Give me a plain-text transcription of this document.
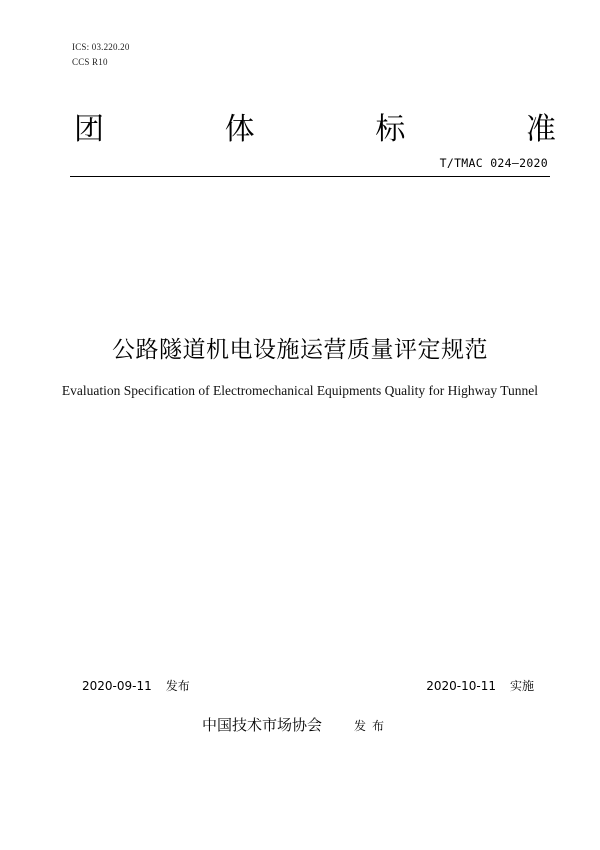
ICS: 03.220.20
CCS R10
团	体	标	准
T/TMAC 024—2020
公路隧道机电设施运营质量评定规范
Evaluation Specification of Electromechanical Equipments Quality for Highway Tunnel
2020-09-11 发布	2020-10-11 实施
中国技术市场协会	发布
